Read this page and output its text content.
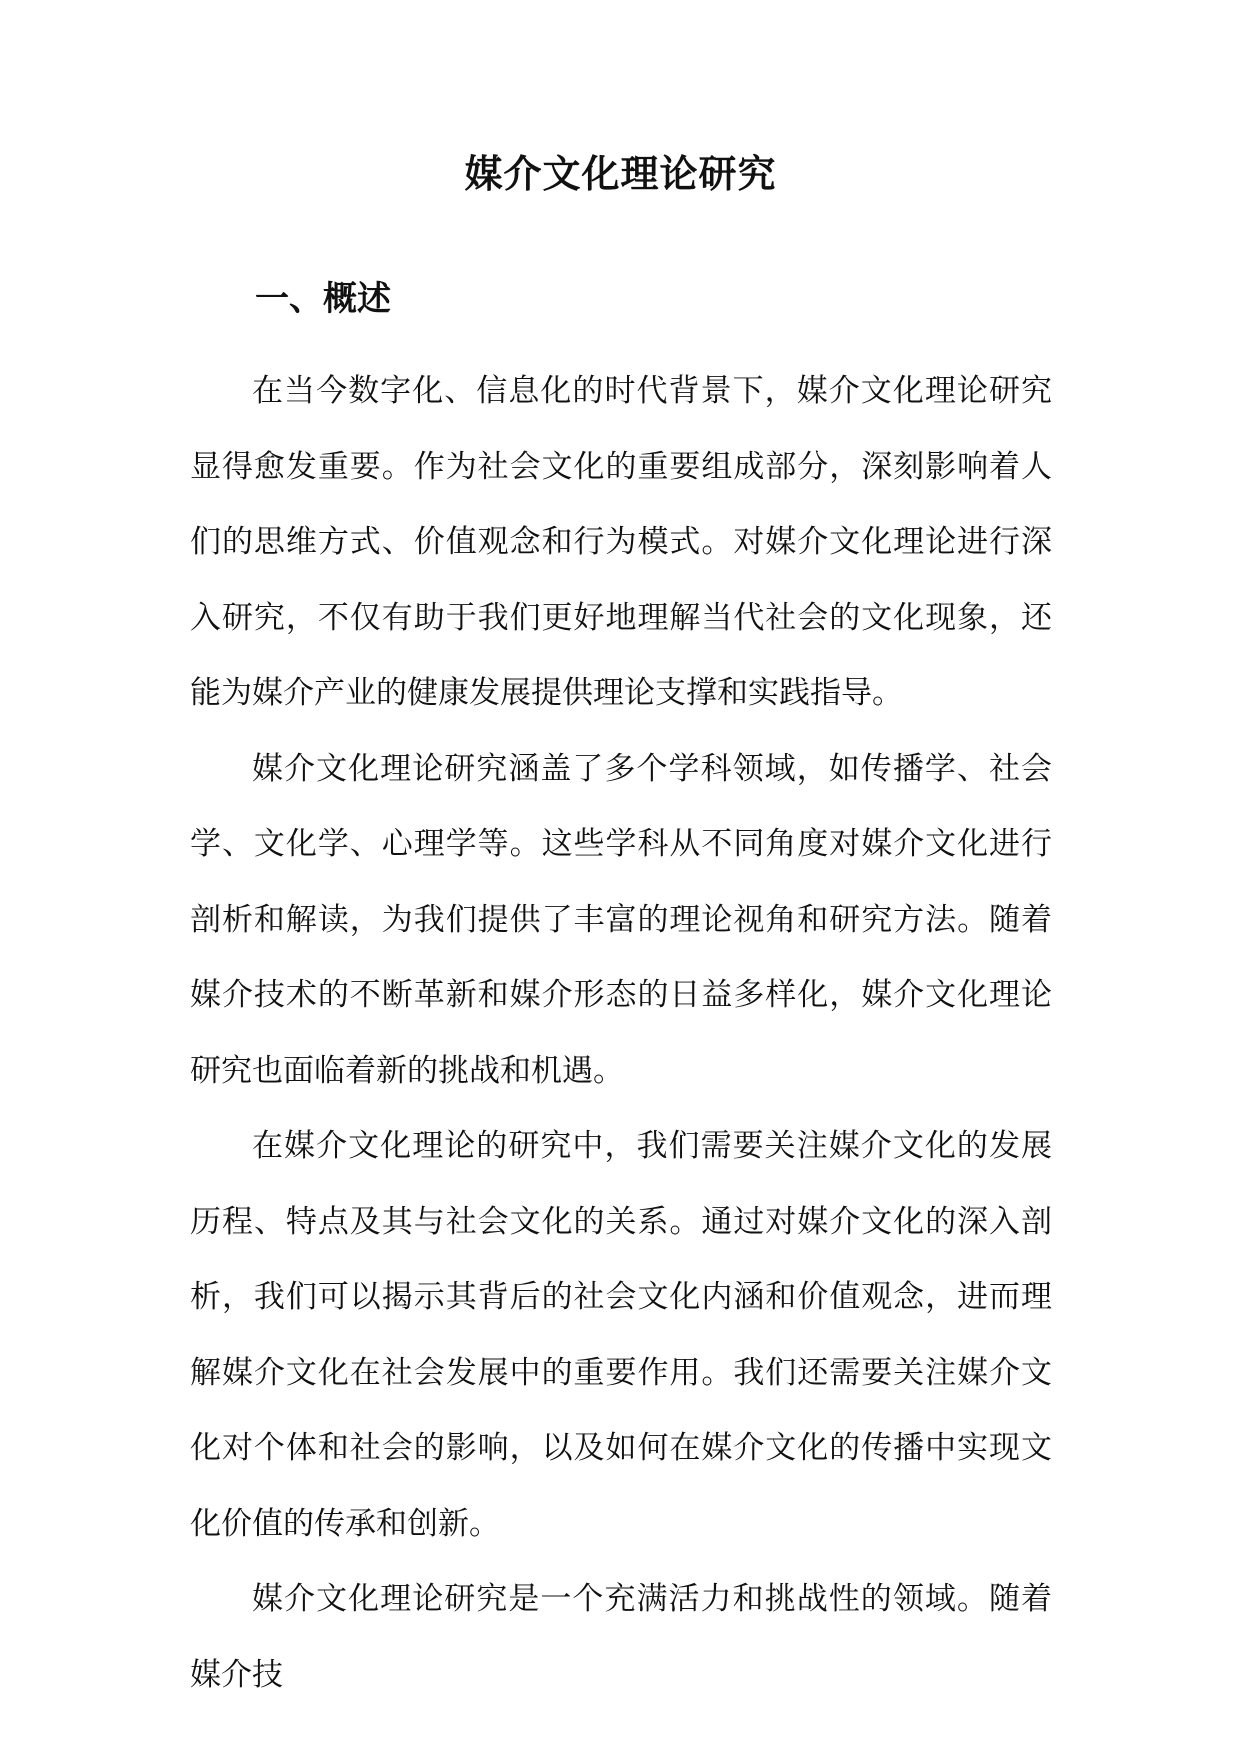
媒介文化理论研究
一、概述

在当今数字化、信息化的时代背景下，媒介文化理论研究显得愈发重要。作为社会文化的重要组成部分，深刻影响着人们的思维方式、价值观念和行为模式。对媒介文化理论进行深入研究，不仅有助于我们更好地理解当代社会的文化现象，还能为媒介产业的健康发展提供理论支撑和实践指导。

媒介文化理论研究涵盖了多个学科领域，如传播学、社会学、文化学、心理学等。这些学科从不同角度对媒介文化进行剖析和解读，为我们提供了丰富的理论视角和研究方法。随着媒介技术的不断革新和媒介形态的日益多样化，媒介文化理论研究也面临着新的挑战和机遇。

在媒介文化理论的研究中，我们需要关注媒介文化的发展历程、特点及其与社会文化的关系。通过对媒介文化的深入剖析，我们可以揭示其背后的社会文化内涵和价值观念，进而理解媒介文化在社会发展中的重要作用。我们还需要关注媒介文化对个体和社会的影响，以及如何在媒介文化的传播中实现文化价值的传承和创新。

媒介文化理论研究是一个充满活力和挑战性的领域。随着媒介技
